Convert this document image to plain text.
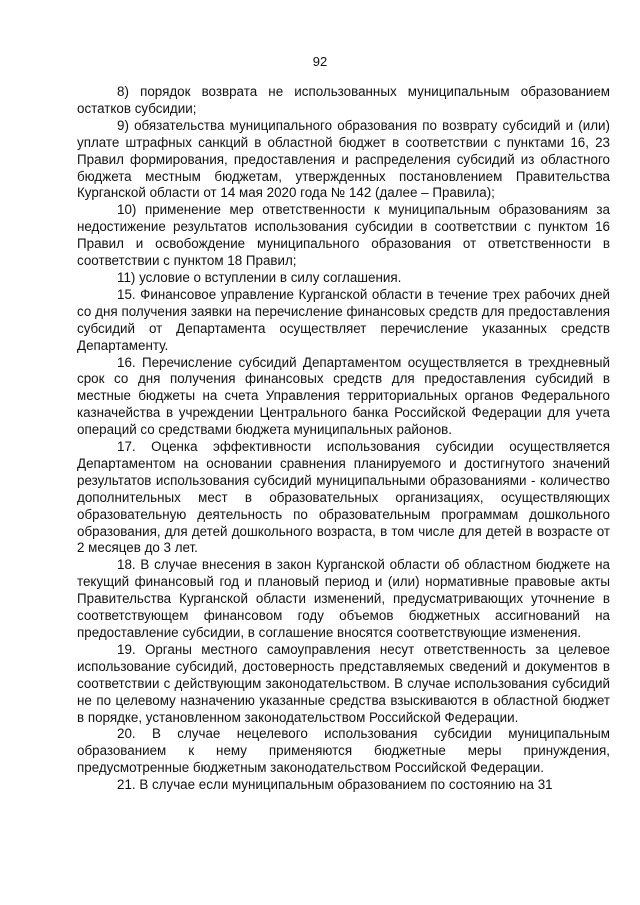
92

8) порядок возврата не использованных муниципальным образованием остатков субсидии;

9) обязательства муниципального образования по возврату субсидий и (или) уплате штрафных санкций в областной бюджет в соответствии с пунктами 16, 23 Правил формирования, предоставления и распределения субсидий из областного бюджета местным бюджетам, утвержденных постановлением Правительства Курганской области от 14 мая 2020 года № 142 (далее – Правила);

10) применение мер ответственности к муниципальным образованиям за недостижение результатов использования субсидии в соответствии с пунктом 16 Правил и освобождение муниципального образования от ответственности в соответствии с пунктом 18 Правил;

11) условие о вступлении в силу соглашения.

15. Финансовое управление Курганской области в течение трех рабочих дней со дня получения заявки на перечисление финансовых средств для предоставления субсидий от Департамента осуществляет перечисление указанных средств Департаменту.

16. Перечисление субсидий Департаментом осуществляется в трехдневный срок со дня получения финансовых средств для предоставления субсидий в местные бюджеты на счета Управления территориальных органов Федерального казначейства в учреждении Центрального банка Российской Федерации для учета операций со средствами бюджета муниципальных районов.

17. Оценка эффективности использования субсидии осуществляется Департаментом на основании сравнения планируемого и достигнутого значений результатов использования субсидий муниципальными образованиями - количество дополнительных мест в образовательных организациях, осуществляющих образовательную деятельность по образовательным программам дошкольного образования, для детей дошкольного возраста, в том числе для детей в возрасте от 2 месяцев до 3 лет.

18. В случае внесения в закон Курганской области об областном бюджете на текущий финансовый год и плановый период и (или) нормативные правовые акты Правительства Курганской области изменений, предусматривающих уточнение в соответствующем финансовом году объемов бюджетных ассигнований на предоставление субсидии, в соглашение вносятся соответствующие изменения.

19. Органы местного самоуправления несут ответственность за целевое использование субсидий, достоверность представляемых сведений и документов в соответствии с действующим законодательством. В случае использования субсидий не по целевому назначению указанные средства взыскиваются в областной бюджет в порядке, установленном законодательством Российской Федерации.

20. В случае нецелевого использования субсидии муниципальным образованием к нему применяются бюджетные меры принуждения, предусмотренные бюджетным законодательством Российской Федерации.

21. В случае если муниципальным образованием по состоянию на 31
